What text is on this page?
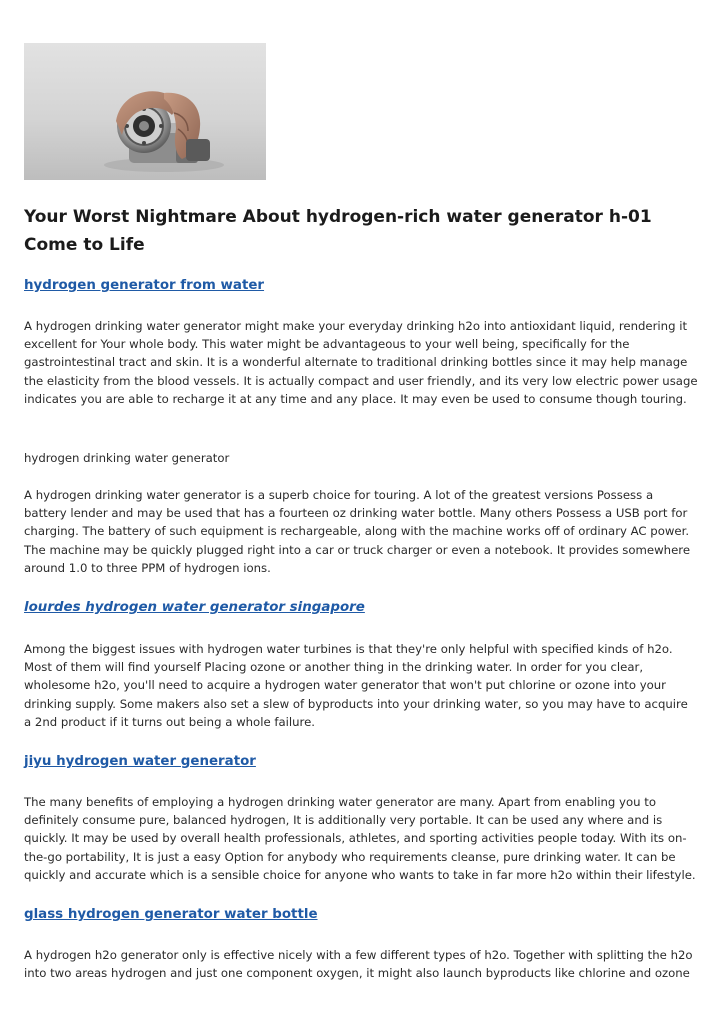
Your Worst Nightmare About hydrogen-rich water generator h-01 Come to Life
hydrogen generator from water

A hydrogen drinking water generator might make your everyday drinking h2o into antioxidant liquid, rendering it excellent for Your whole body. This water might be advantageous to your well being, specifically for the gastrointestinal tract and skin. It is a wonderful alternate to traditional drinking bottles since it may help manage the elasticity from the blood vessels. It is actually compact and user friendly, and its very low electric power usage indicates you are able to recharge it at any time and any place. It may even be used to consume though touring.

hydrogen drinking water generator

A hydrogen drinking water generator is a superb choice for touring. A lot of the greatest versions Possess a battery lender and may be used that has a fourteen oz drinking water bottle. Many others Possess a USB port for charging. The battery of such equipment is rechargeable, along with the machine works off of ordinary AC power. The machine may be quickly plugged right into a car or truck charger or even a notebook. It provides somewhere around 1.0 to three PPM of hydrogen ions.

lourdes hydrogen water generator singapore

Among the biggest issues with hydrogen water turbines is that they're only helpful with specified kinds of h2o. Most of them will find yourself Placing ozone or another thing in the drinking water. In order for you clear, wholesome h2o, you'll need to acquire a hydrogen water generator that won't put chlorine or ozone into your drinking supply. Some makers also set a slew of byproducts into your drinking water, so you may have to acquire a 2nd product if it turns out being a whole failure.

jiyu hydrogen water generator

The many benefits of employing a hydrogen drinking water generator are many. Apart from enabling you to definitely consume pure, balanced hydrogen, It is additionally very portable. It can be used any where and is quickly. It may be used by overall health professionals, athletes, and sporting activities people today. With its on-the-go portability, It is just a easy Option for anybody who requirements cleanse, pure drinking water. It can be quickly and accurate which is a sensible choice for anyone who wants to take in far more h2o within their lifestyle.

glass hydrogen generator water bottle

A hydrogen h2o generator only is effective nicely with a few different types of h2o. Together with splitting the h2o into two areas hydrogen and just one component oxygen, it might also launch byproducts like chlorine and ozone
